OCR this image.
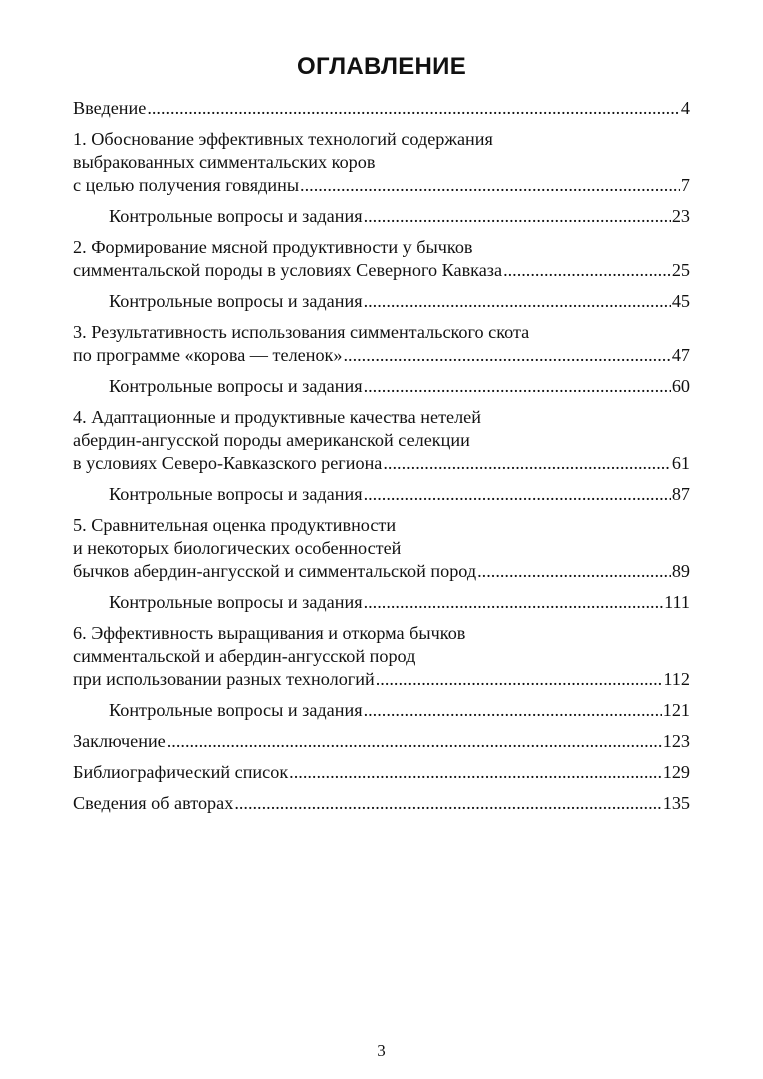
ОГЛАВЛЕНИЕ
Введение .....	4
1. Обоснование эффективных технологий содержания
выбракованных симментальских коров
с целью получения говядины .....	7
Контрольные вопросы и задания .....	23
2. Формирование мясной продуктивности у бычков
симментальской породы в условиях Северного Кавказа .....	25
Контрольные вопросы и задания .....	45
3. Результативность использования симментальского скота
по программе «корова — теленок» .....	47
Контрольные вопросы и задания .....	60
4. Адаптационные и продуктивные качества нетелей
абердин-ангусской породы американской селекции
в условиях Северо-Кавказского региона .....	61
Контрольные вопросы и задания .....	87
5. Сравнительная оценка продуктивности
и некоторых биологических особенностей
бычков абердин-ангусской и симментальской пород .....	89
Контрольные вопросы и задания .....	111
6. Эффективность выращивания и откорма бычков
симментальской и абердин-ангусской пород
при использовании разных технологий .....	112
Контрольные вопросы и задания .....	121
Заключение .....	123
Библиографический список .....	129
Сведения об авторах .....	135
3
